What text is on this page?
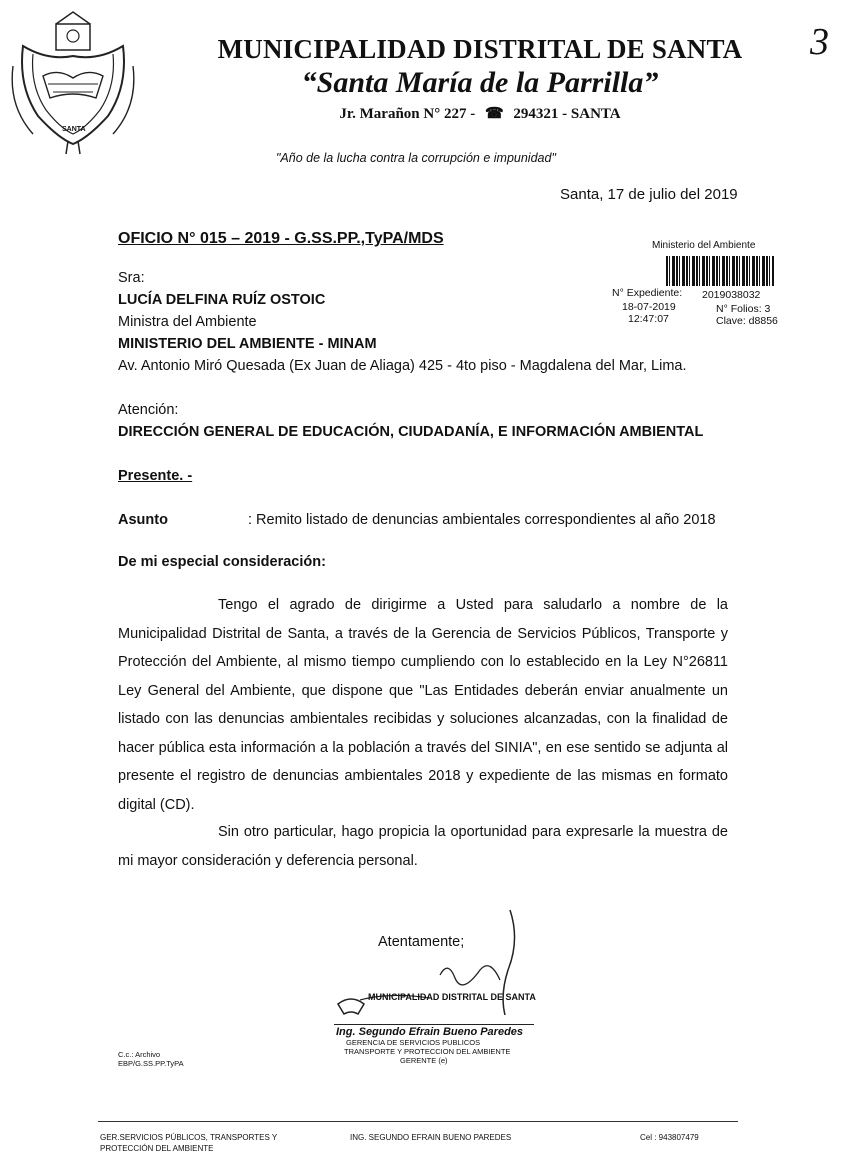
SANTA
MUNICIPALIDAD DISTRITAL DE SANTA
“Santa María de la Parrilla”
Jr. Marañon N° 227 - ☎ 294321 - SANTA
3
"Año de la lucha contra la corrupción e impunidad"
Santa, 17 de julio del 2019
OFICIO N° 015 – 2019 - G.SS.PP.,TyPA/MDS	Ministerio del Ambiente
N° Expediente: 2019038032
18-07-2019	N° Folios: 3
12:47:07	Clave: d8856
Sra:
LUCÍA DELFINA RUÍZ OSTOIC
Ministra del Ambiente
MINISTERIO DEL AMBIENTE - MINAM
Av. Antonio Miró Quesada (Ex Juan de Aliaga) 425 - 4to piso - Magdalena del Mar, Lima.
Atención:
DIRECCIÓN GENERAL DE EDUCACIÓN, CIUDADANÍA, E INFORMACIÓN AMBIENTAL
Presente. -
Asunto	: Remito listado de denuncias ambientales correspondientes al año 2018
De mi especial consideración:
Tengo el agrado de dirigirme a Usted para saludarlo a nombre de la Municipalidad Distrital de Santa, a través de la Gerencia de Servicios Públicos, Transporte y Protección del Ambiente, al mismo tiempo cumpliendo con lo establecido en la Ley N°26811 Ley General del Ambiente, que dispone que "Las Entidades deberán enviar anualmente un listado con las denuncias ambientales recibidas y soluciones alcanzadas, con la finalidad de hacer pública esta información a la población a través del SINIA", en ese sentido se adjunta al presente el registro de denuncias ambientales 2018 y expediente de las mismas en formato digital (CD).
Sin otro particular, hago propicia la oportunidad para expresarle la muestra de mi mayor consideración y deferencia personal.
Atentamente;
MUNICIPALIDAD DISTRITAL DE SANTA
Ing. Segundo Efrain Bueno Paredes
GERENCIA DE SERVICIOS PUBLICOS
TRANSPORTE Y PROTECCION DEL AMBIENTE
GERENTE (e)
C.c.: Archivo
EBP/G.SS.PP.TyPA
GER.SERVICIOS PÚBLICOS, TRANSPORTES Y
PROTECCIÓN DEL AMBIENTE
ING. SEGUNDO EFRAIN BUENO PAREDES	Cel : 943807479
